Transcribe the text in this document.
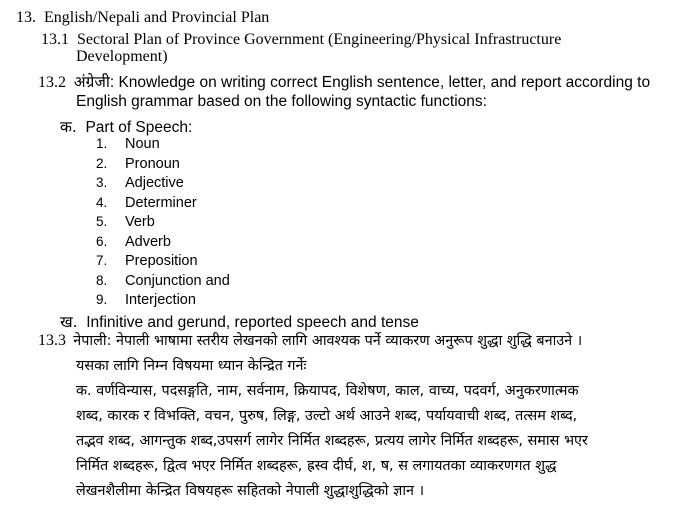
13. English/Nepali and Provincial Plan
13.1 Sectoral Plan of Province Government (Engineering/Physical Infrastructure
Development)
13.2 अंग्रेजी: Knowledge on writing correct English sentence, letter, and report according to
English grammar based on the following syntactic functions:
क. Part of Speech:
1. Noun
2. Pronoun
3. Adjective
4. Determiner
5. Verb
6. Adverb
7. Preposition
8. Conjunction and
9. Interjection
ख. Infinitive and gerund, reported speech and tense
13.3 नेपाली: नेपाली भाषामा स्तरीय लेखनको लागि आवश्यक पर्ने व्याकरण अनुरूप शुद्धा शुद्धि बनाउने ।
यसका लागि निम्न विषयमा ध्यान केन्द्रित गर्नेः
क. वर्णविन्यास, पदसङ्गति, नाम, सर्वनाम, क्रियापद, विशेषण, काल, वाच्य, पदवर्ग, अनुकरणात्मक
शब्द, कारक र विभक्ति, वचन, पुरुष, लिङ्ग, उल्टो अर्थ आउने शब्द, पर्यायवाची शब्द, तत्सम शब्द,
तद्भव शब्द, आगन्तुक शब्द,उपसर्ग लागेर निर्मित शब्दहरू, प्रत्यय लागेर निर्मित शब्दहरू, समास भएर
निर्मित शब्दहरू, द्वित्व भएर निर्मित शब्दहरू, ह्रस्व दीर्घ, श, ष, स लगायतका व्याकरणगत शुद्ध
लेखनशैलीमा केन्द्रित विषयहरू सहितको नेपाली शुद्धाशुद्धिको ज्ञान ।
